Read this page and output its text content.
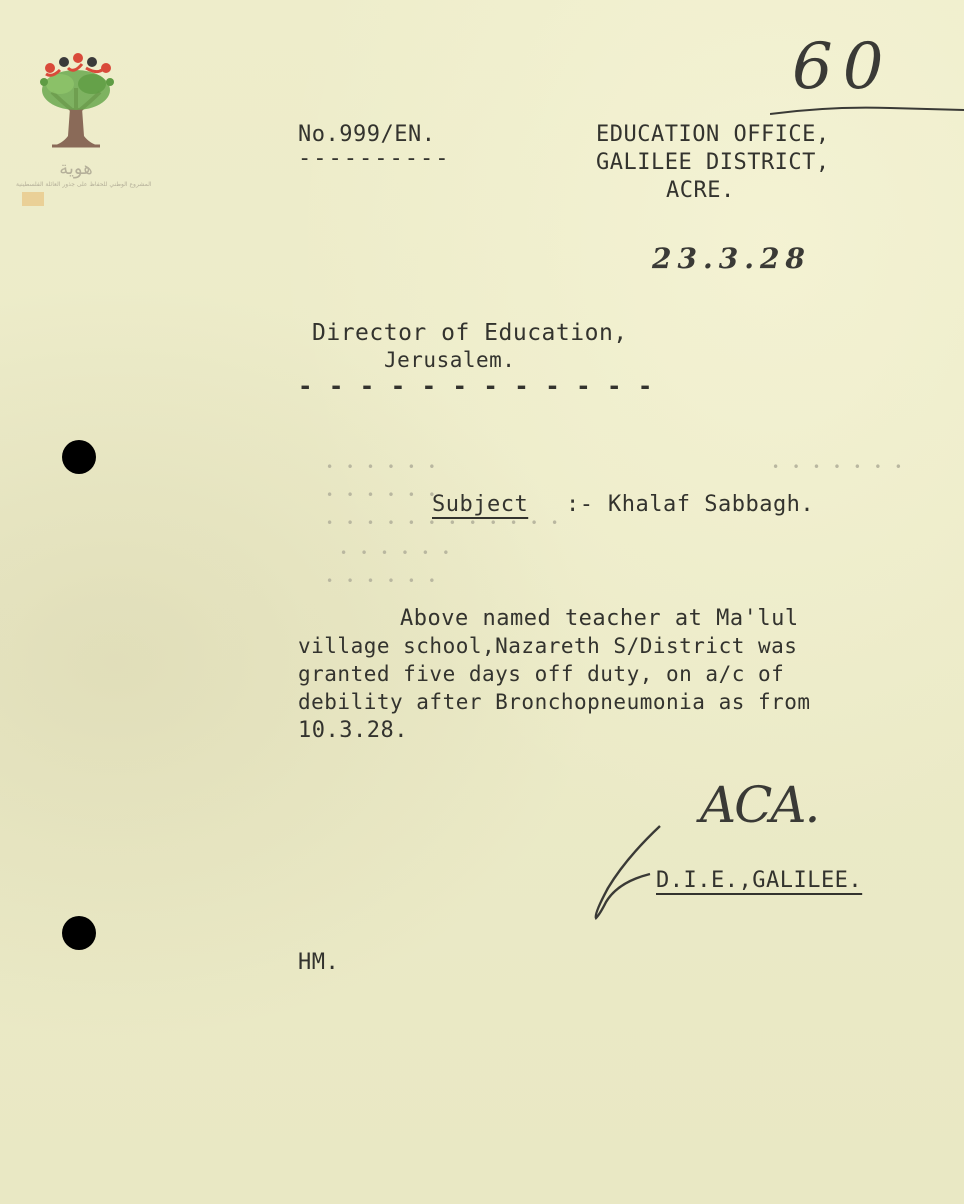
هوية
المشروع الوطني للحفاظ على جذور العائلة الفلسطينية
60
No.999/EN.
----------
EDUCATION OFFICE,
GALILEE DISTRICT,
ACRE.
23.3.28
Director of Education,
Jerusalem.
- - - - - - - - - - - -
• • • • • •	• • • • • • •
• • • • • •
• • • • • • • • • • • •
• • • • • •
• • • • • •
Subject :- Khalaf Sabbagh.
Above named teacher at Ma'lul
village school,Nazareth S/District was
granted five days off duty, on a/c of
debility after Bronchopneumonia as from
10.3.28.
ACA.
D.I.E.,GALILEE.
HM.
